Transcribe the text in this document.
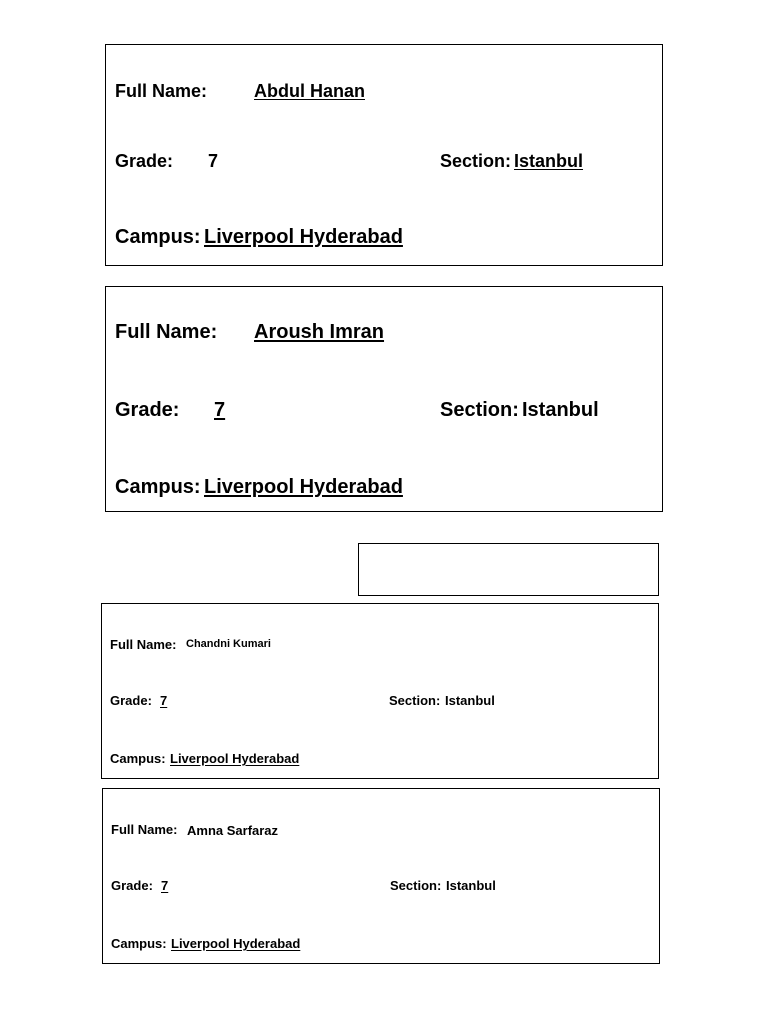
Full Name:	Abdul Hanan
Grade: 7	Section: Istanbul
Campus: Liverpool Hyderabad
Full Name: Aroush Imran
Grade: 7	Section: Istanbul
Campus: Liverpool Hyderabad
Full Name: Chandni Kumari
Grade: 7	Section: Istanbul
Campus: Liverpool Hyderabad
Full Name: Amna Sarfaraz
Grade: 7	Section: Istanbul
Campus: Liverpool Hyderabad
